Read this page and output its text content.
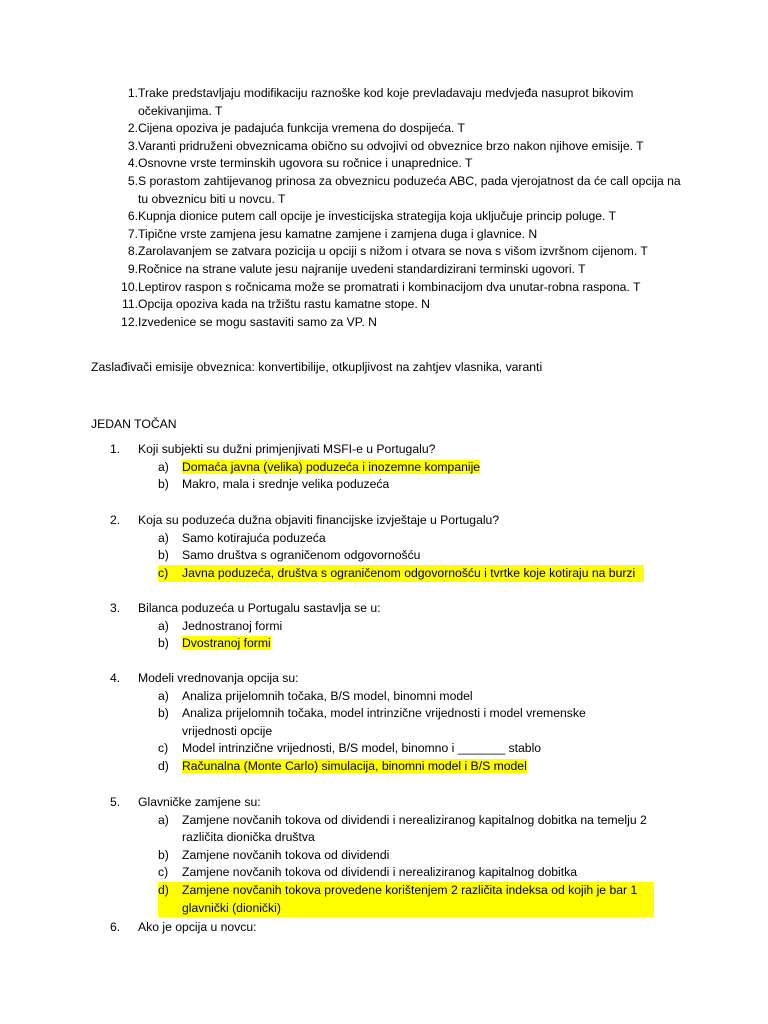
1. Trake predstavljaju modifikaciju raznoške kod koje prevladavaju medvjeđa nasuprot bikovim očekivanjima. T
2. Cijena opoziva je padajuća funkcija vremena do dospijeća. T
3. Varanti pridruženi obveznicama obično su odvojivi od obveznice brzo nakon njihove emisije. T
4. Osnovne vrste terminskih ugovora su ročnice i unaprednice. T
5. S porastom zahtijevanog prinosa za obveznicu poduzeća ABC, pada vjerojatnost da će call opcija na tu obveznicu biti u novcu. T
6. Kupnja dionice putem call opcije je investicijska strategija koja uključuje princip poluge. T
7. Tipične vrste zamjena jesu kamatne zamjene i zamjena duga i glavnice. N
8. Zarolavanjem se zatvara pozicija u opciji s nižom i otvara se nova s višom izvršnom cijenom. T
9. Ročnice na strane valute jesu najranije uvedeni standardizirani terminski ugovori. T
10. Leptirov raspon s ročnicama može se promatrati i kombinacijom dva unutar-robna raspona. T
11. Opcija opoziva kada na tržištu rastu kamatne stope. N
12. Izvedenice se mogu sastaviti samo za VP. N
Zaslađivači emisije obveznica: konvertibilije, otkupljivost na zahtjev vlasnika, varanti
JEDAN TOČAN
1.	Koji subjekti su dužni primjenjivati MSFI-e u Portugalu?
a)	Domaća javna (velika) poduzeća i inozemne kompanije
b)	Makro, mala i srednje velika poduzeća
2.	Koja su poduzeća dužna objaviti financijske izvještaje u Portugalu?
a)	Samo kotirajuća poduzeća
b)	Samo društva s ograničenom odgovornošću
c)	Javna poduzeća, društva s ograničenom odgovornošću i tvrtke koje kotiraju na burzi
3.	Bilanca poduzeća u Portugalu sastavlja se u:
a)	Jednostranoj formi
b)	Dvostranoj formi
4.	Modeli vrednovanja opcija su:
a)	Analiza prijelomnih točaka, B/S model, binomni model
b)	Analiza prijelomnih točaka, model intrinzične vrijednosti i model vremenske vrijednosti opcije
c)	Model intrinzične vrijednosti, B/S model, binomno i _______ stablo
d)	Računalna (Monte Carlo) simulacija, binomni model i B/S model
5.	Glavničke zamjene su:
a)	Zamjene novčanih tokova od dividendi i nerealiziranog kapitalnog dobitka na temelju 2 različita dionička društva
b)	Zamjene novčanih tokova od dividendi
c)	Zamjene novčanih tokova od dividendi i nerealiziranog kapitalnog dobitka
d)	Zamjene novčanih tokova provedene korištenjem 2 različita indeksa od kojih je bar 1 glavnički (dionički)
6.	Ako je opcija u novcu:
